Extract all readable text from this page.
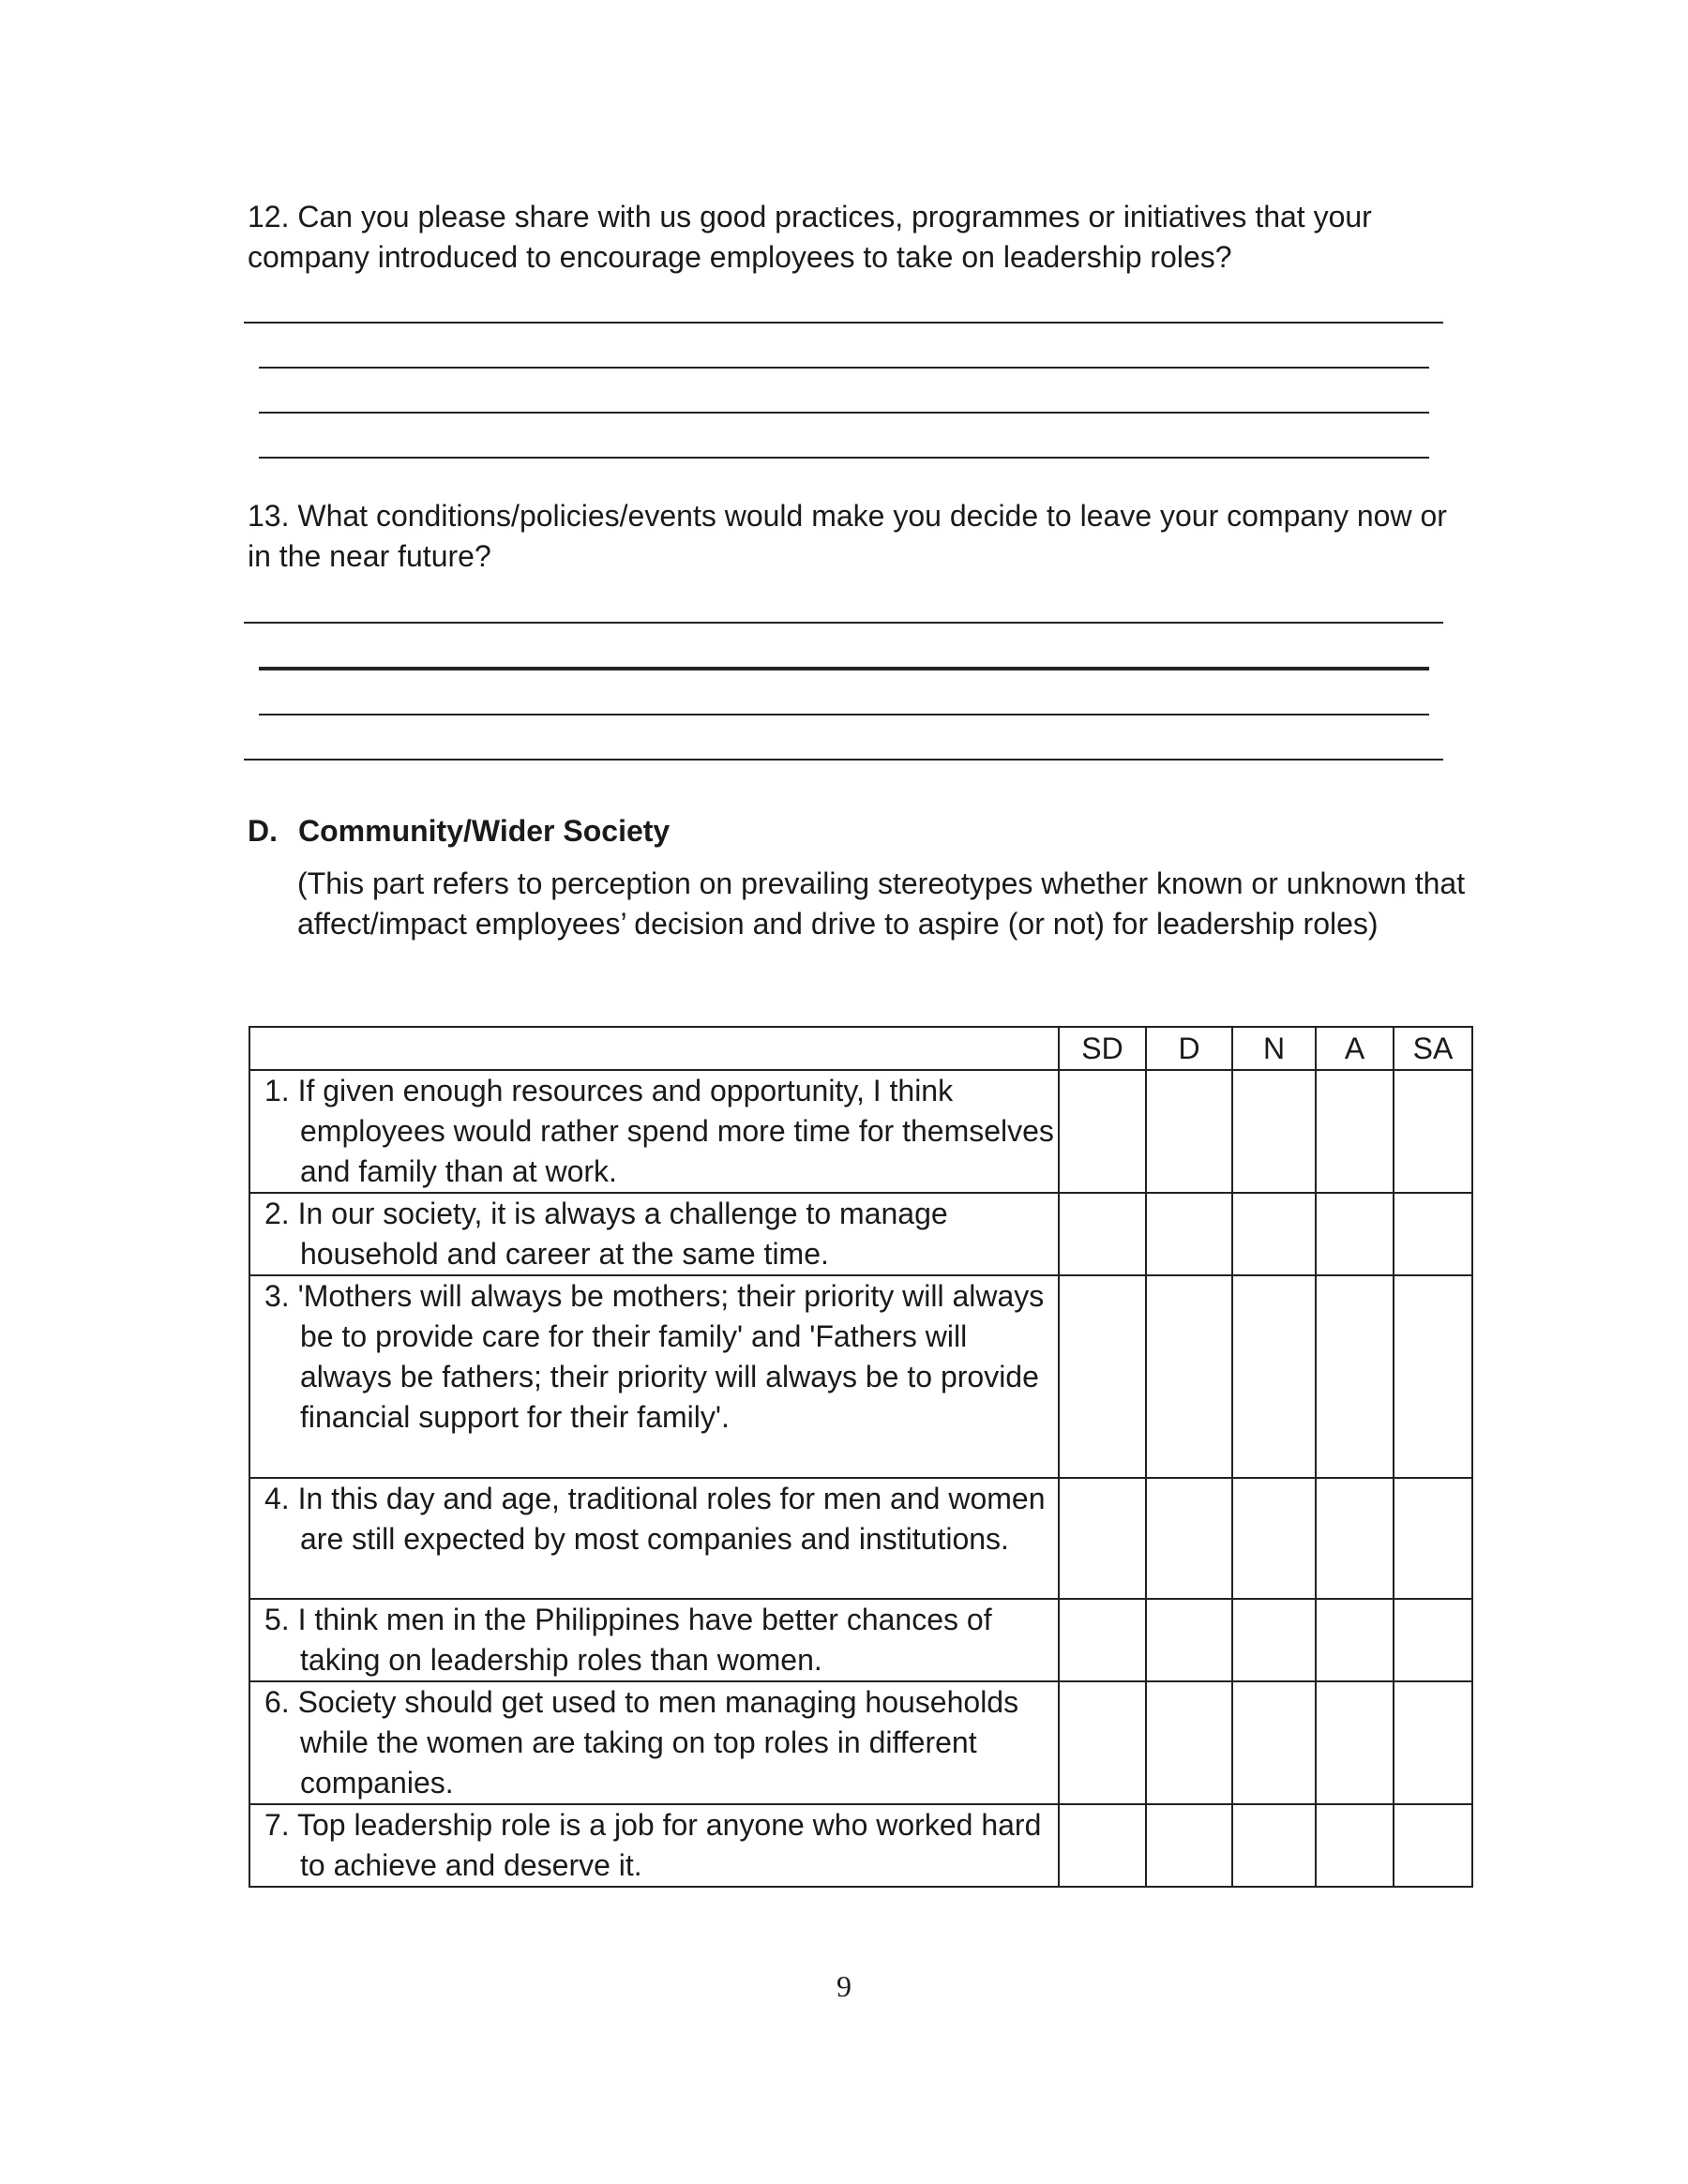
12. Can you please share with us good practices, programmes or initiatives that your company introduced to encourage employees to take on leadership roles?

13. What conditions/policies/events would make you decide to leave your company now or in the near future?

D. Community/Wider Society

(This part refers to perception on prevailing stereotypes whether known or unknown that affect/impact employees’ decision and drive to aspire (or not) for leadership roles)

	SD	D	N	A	SA

1. If given enough resources and opportunity, I think employees would rather spend more time for themselves and family than at work.					

2. In our society, it is always a challenge to manage household and career at the same time.					

3. 'Mothers will always be mothers; their priority will always be to provide care for their family' and 'Fathers will always be fathers; their priority will always be to provide financial support for their family'.					

4. In this day and age, traditional roles for men and women are still expected by most companies and institutions.					

5. I think men in the Philippines have better chances of taking on leadership roles than women.					

6. Society should get used to men managing households while the women are taking on top roles in different companies.					

7. Top leadership role is a job for anyone who worked hard to achieve and deserve it.					

9
